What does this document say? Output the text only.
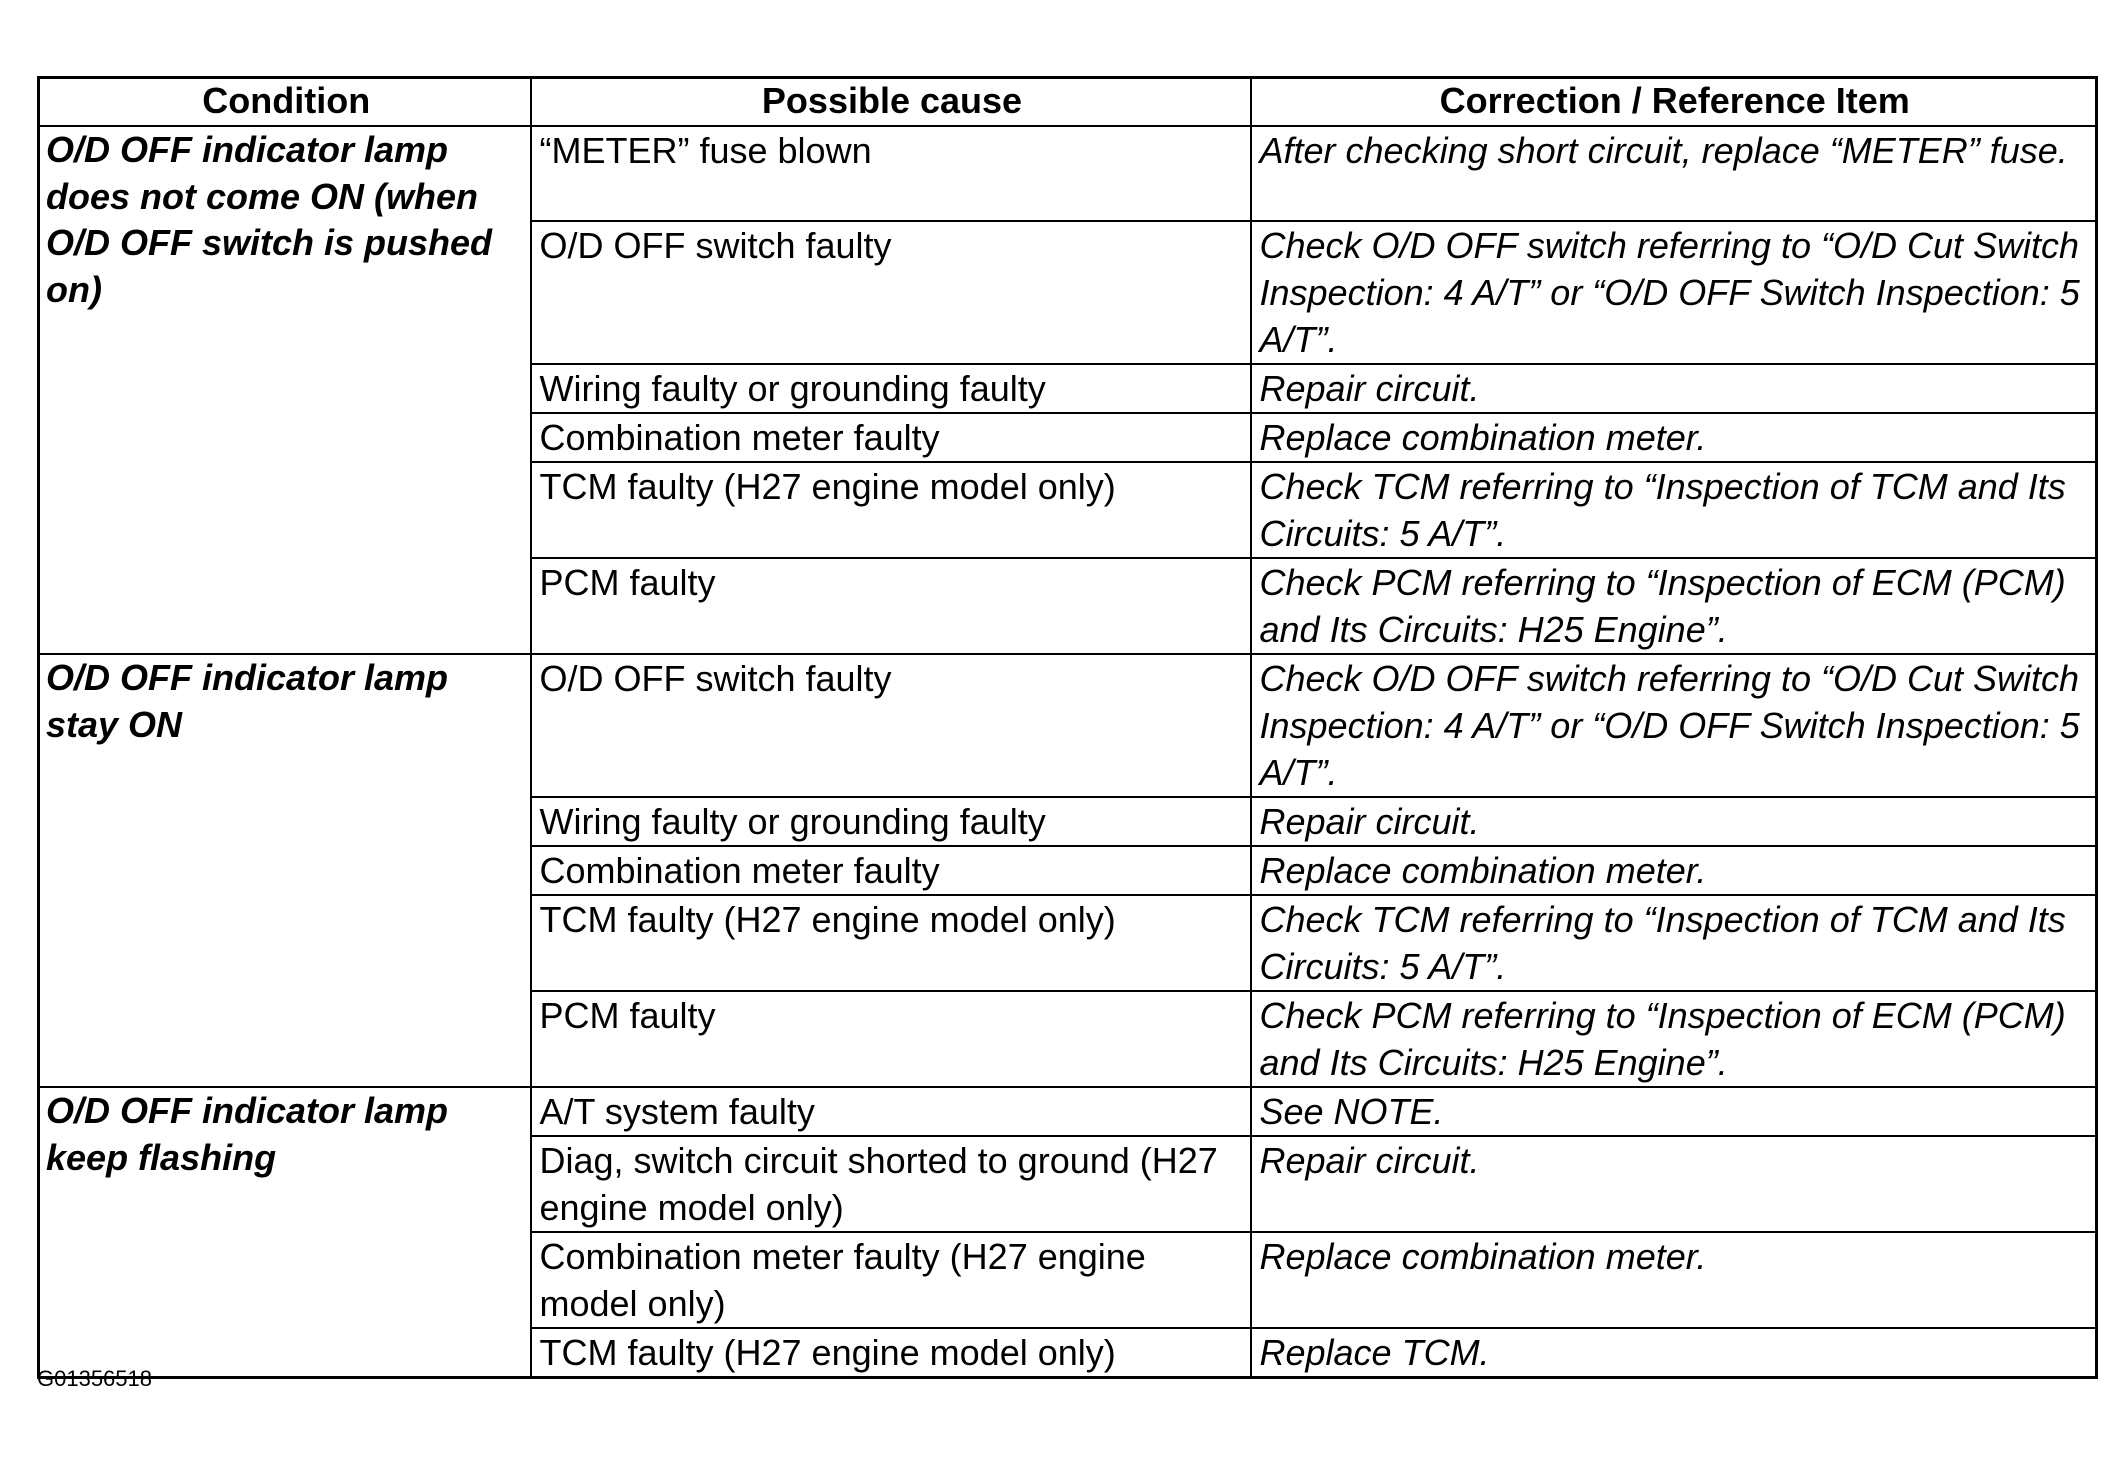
Condition	Possible cause	Correction / Reference Item
O/D OFF indicator lamp does not come ON (when O/D OFF switch is pushed on)	“METER” fuse blown	After checking short circuit, replace “METER” fuse.
	O/D OFF switch faulty	Check O/D OFF switch referring to “O/D Cut Switch Inspection: 4 A/T” or “O/D OFF Switch Inspection: 5 A/T”.
	Wiring faulty or grounding faulty	Repair circuit.
	Combination meter faulty	Replace combination meter.
	TCM faulty (H27 engine model only)	Check TCM referring to “Inspection of TCM and Its Circuits: 5 A/T”.
	PCM faulty	Check PCM referring to “Inspection of ECM (PCM) and Its Circuits: H25 Engine”.
O/D OFF indicator lamp stay ON	O/D OFF switch faulty	Check O/D OFF switch referring to “O/D Cut Switch Inspection: 4 A/T” or “O/D OFF Switch Inspection: 5 A/T”.
	Wiring faulty or grounding faulty	Repair circuit.
	Combination meter faulty	Replace combination meter.
	TCM faulty (H27 engine model only)	Check TCM referring to “Inspection of TCM and Its Circuits: 5 A/T”.
	PCM faulty	Check PCM referring to “Inspection of ECM (PCM) and Its Circuits: H25 Engine”.
O/D OFF indicator lamp keep flashing	A/T system faulty	See NOTE.
	Diag, switch circuit shorted to ground (H27 engine model only)	Repair circuit.
	Combination meter faulty (H27 engine model only)	Replace combination meter.
	TCM faulty (H27 engine model only)	Replace TCM.
G01356518
